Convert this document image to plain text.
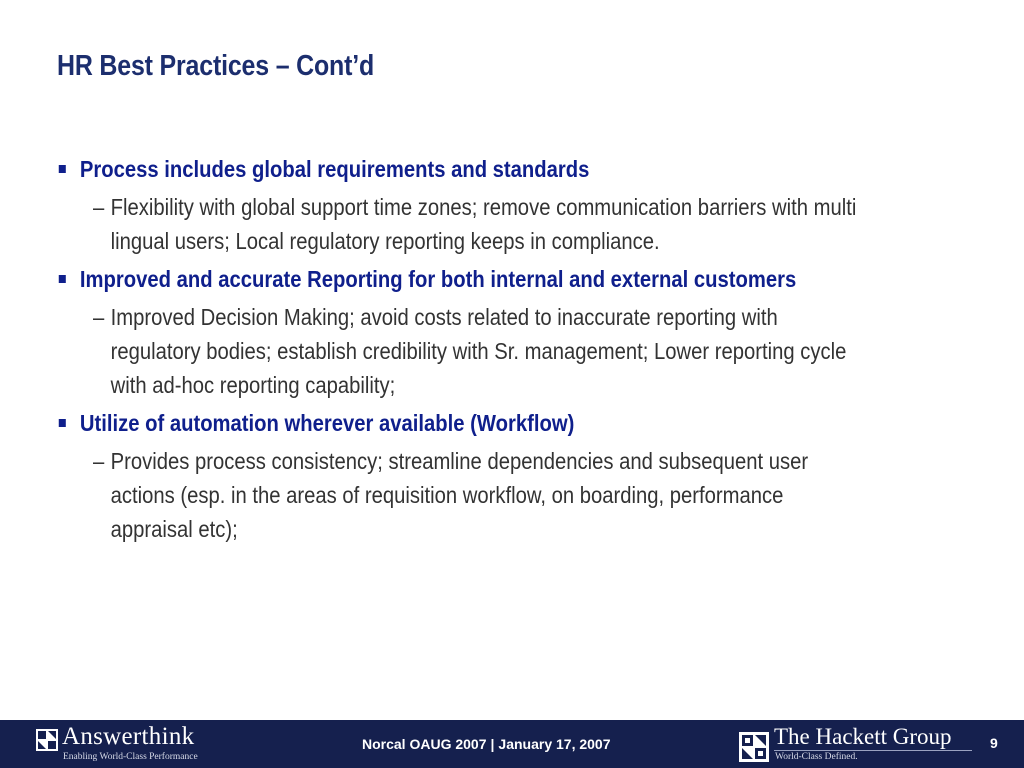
HR Best Practices – Cont’d
Process includes global requirements and standards
– Flexibility with global support time zones; remove communication barriers with multi
lingual users; Local regulatory reporting keeps in compliance.
Improved and accurate Reporting for both internal and external customers
– Improved Decision Making; avoid costs related to inaccurate reporting with
regulatory bodies; establish credibility with Sr. management; Lower reporting cycle
with ad-hoc reporting capability;
Utilize of automation wherever available (Workflow)
– Provides process consistency; streamline dependencies and subsequent user
actions (esp. in the areas of requisition workflow, on boarding, performance
appraisal etc);
Answerthink
Enabling World-Class Performance
Norcal OAUG 2007 | January 17, 2007	The Hackett Group
World-Class Defined.
9
